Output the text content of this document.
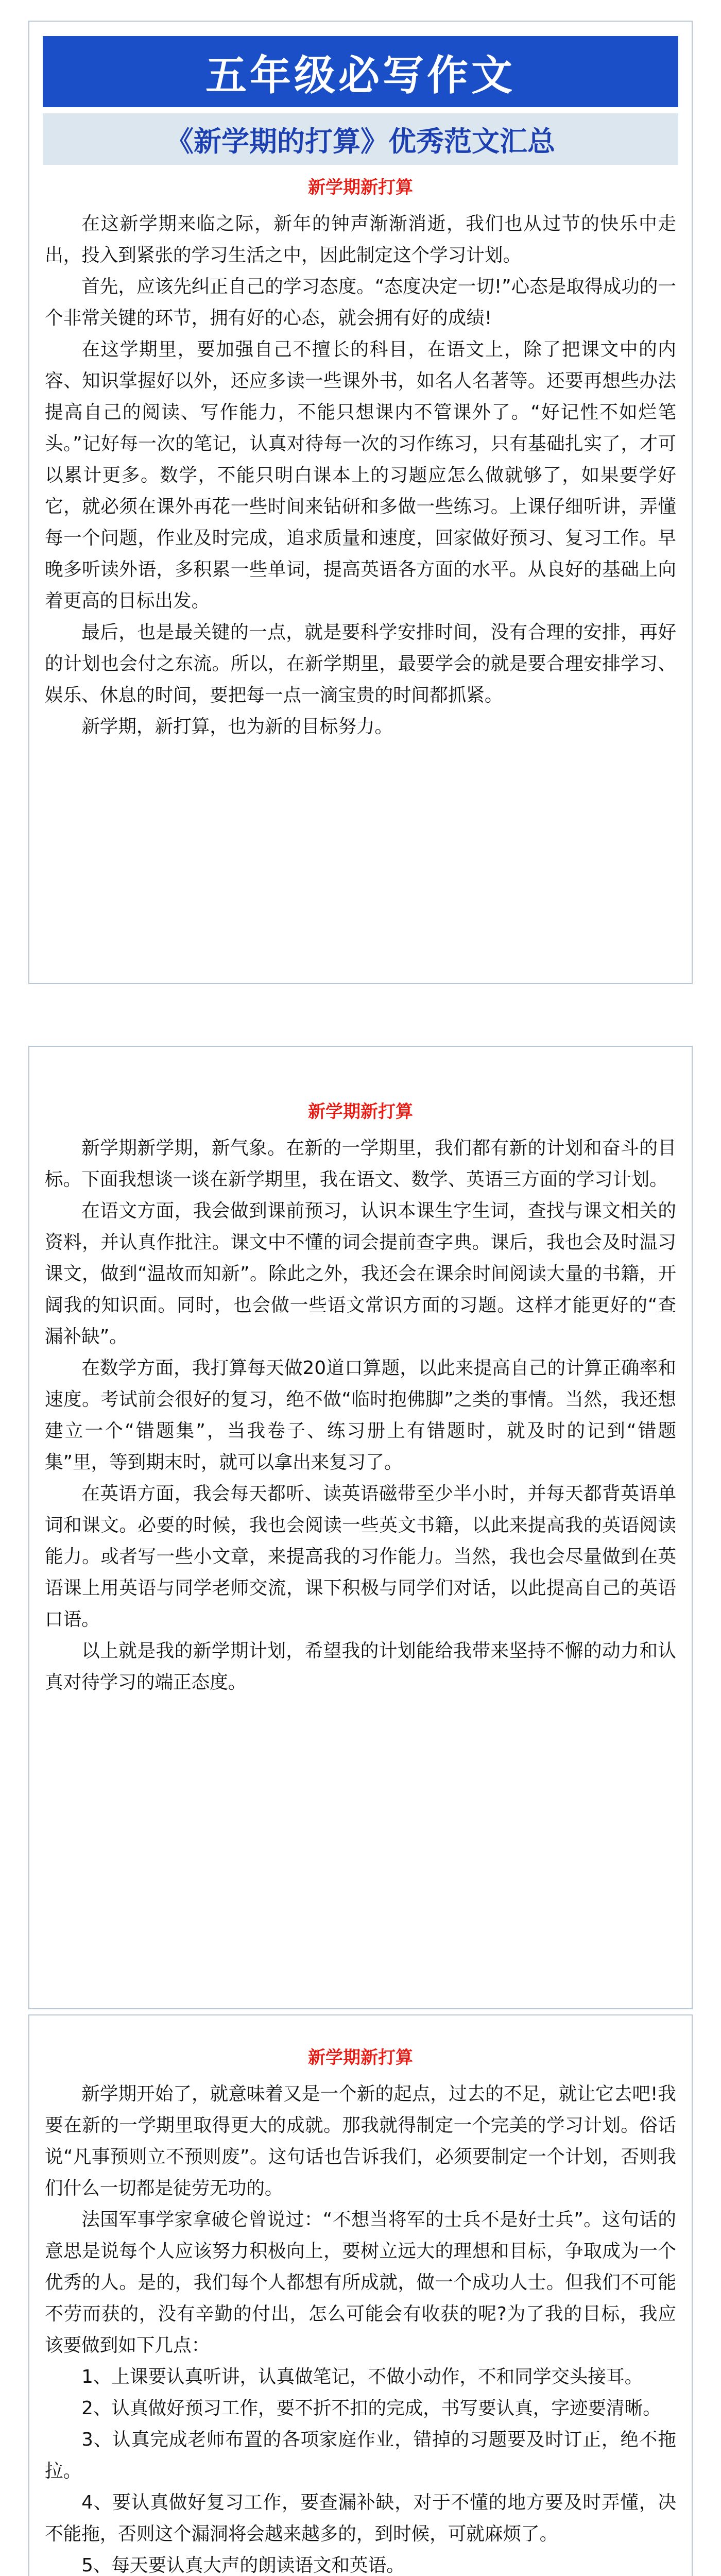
五年级必写作文
《新学期的打算》优秀范文汇总
新学期新打算

在这新学期来临之际，新年的钟声渐渐消逝，我们也从过节的快乐中走出，投入到紧张的学习生活之中，因此制定这个学习计划。

首先，应该先纠正自己的学习态度。“态度决定一切!”心态是取得成功的一个非常关键的环节，拥有好的心态，就会拥有好的成绩!

在这学期里，要加强自己不擅长的科目，在语文上，除了把课文中的内容、知识掌握好以外，还应多读一些课外书，如名人名著等。还要再想些办法提高自己的阅读、写作能力，不能只想课内不管课外了。“好记性不如烂笔头。”记好每一次的笔记，认真对待每一次的习作练习，只有基础扎实了，才可以累计更多。数学，不能只明白课本上的习题应怎么做就够了，如果要学好它，就必须在课外再花一些时间来钻研和多做一些练习。上课仔细听讲，弄懂每一个问题，作业及时完成，追求质量和速度，回家做好预习、复习工作。早晚多听读外语，多积累一些单词，提高英语各方面的水平。从良好的基础上向着更高的目标出发。

最后，也是最关键的一点，就是要科学安排时间，没有合理的安排，再好的计划也会付之东流。所以，在新学期里，最要学会的就是要合理安排学习、娱乐、休息的时间，要把每一点一滴宝贵的时间都抓紧。

新学期，新打算，也为新的目标努力。

新学期新打算

新学期新学期，新气象。在新的一学期里，我们都有新的计划和奋斗的目标。下面我想谈一谈在新学期里，我在语文、数学、英语三方面的学习计划。

在语文方面，我会做到课前预习，认识本课生字生词，查找与课文相关的资料，并认真作批注。课文中不懂的词会提前查字典。课后，我也会及时温习课文，做到“温故而知新”。除此之外，我还会在课余时间阅读大量的书籍，开阔我的知识面。同时，也会做一些语文常识方面的习题。这样才能更好的“查漏补缺”。

在数学方面，我打算每天做20道口算题，以此来提高自己的计算正确率和速度。考试前会很好的复习，绝不做“临时抱佛脚”之类的事情。当然，我还想建立一个“错题集”，当我卷子、练习册上有错题时，就及时的记到“错题集”里，等到期末时，就可以拿出来复习了。

在英语方面，我会每天都听、读英语磁带至少半小时，并每天都背英语单词和课文。必要的时候，我也会阅读一些英文书籍，以此来提高我的英语阅读能力。或者写一些小文章，来提高我的习作能力。当然，我也会尽量做到在英语课上用英语与同学老师交流，课下积极与同学们对话，以此提高自己的英语口语。

以上就是我的新学期计划，希望我的计划能给我带来坚持不懈的动力和认真对待学习的端正态度。

新学期新打算

新学期开始了，就意味着又是一个新的起点，过去的不足，就让它去吧!我要在新的一学期里取得更大的成就。那我就得制定一个完美的学习计划。俗话说“凡事预则立不预则废”。这句话也告诉我们，必须要制定一个计划，否则我们什么一切都是徒劳无功的。

法国军事学家拿破仑曾说过：“不想当将军的士兵不是好士兵”。这句话的意思是说每个人应该努力积极向上，要树立远大的理想和目标，争取成为一个优秀的人。是的，我们每个人都想有所成就，做一个成功人士。但我们不可能不劳而获的，没有辛勤的付出，怎么可能会有收获的呢?为了我的目标，我应该要做到如下几点：

1、上课要认真听讲，认真做笔记，不做小动作，不和同学交头接耳。

2、认真做好预习工作，要不折不扣的完成，书写要认真，字迹要清晰。

3、认真完成老师布置的各项家庭作业，错掉的习题要及时订正，绝不拖拉。

4、要认真做好复习工作，要查漏补缺，对于不懂的地方要及时弄懂，决不能拖，否则这个漏洞将会越来越多的，到时候，可就麻烦了。

5、每天要认真大声的朗读语文和英语。
